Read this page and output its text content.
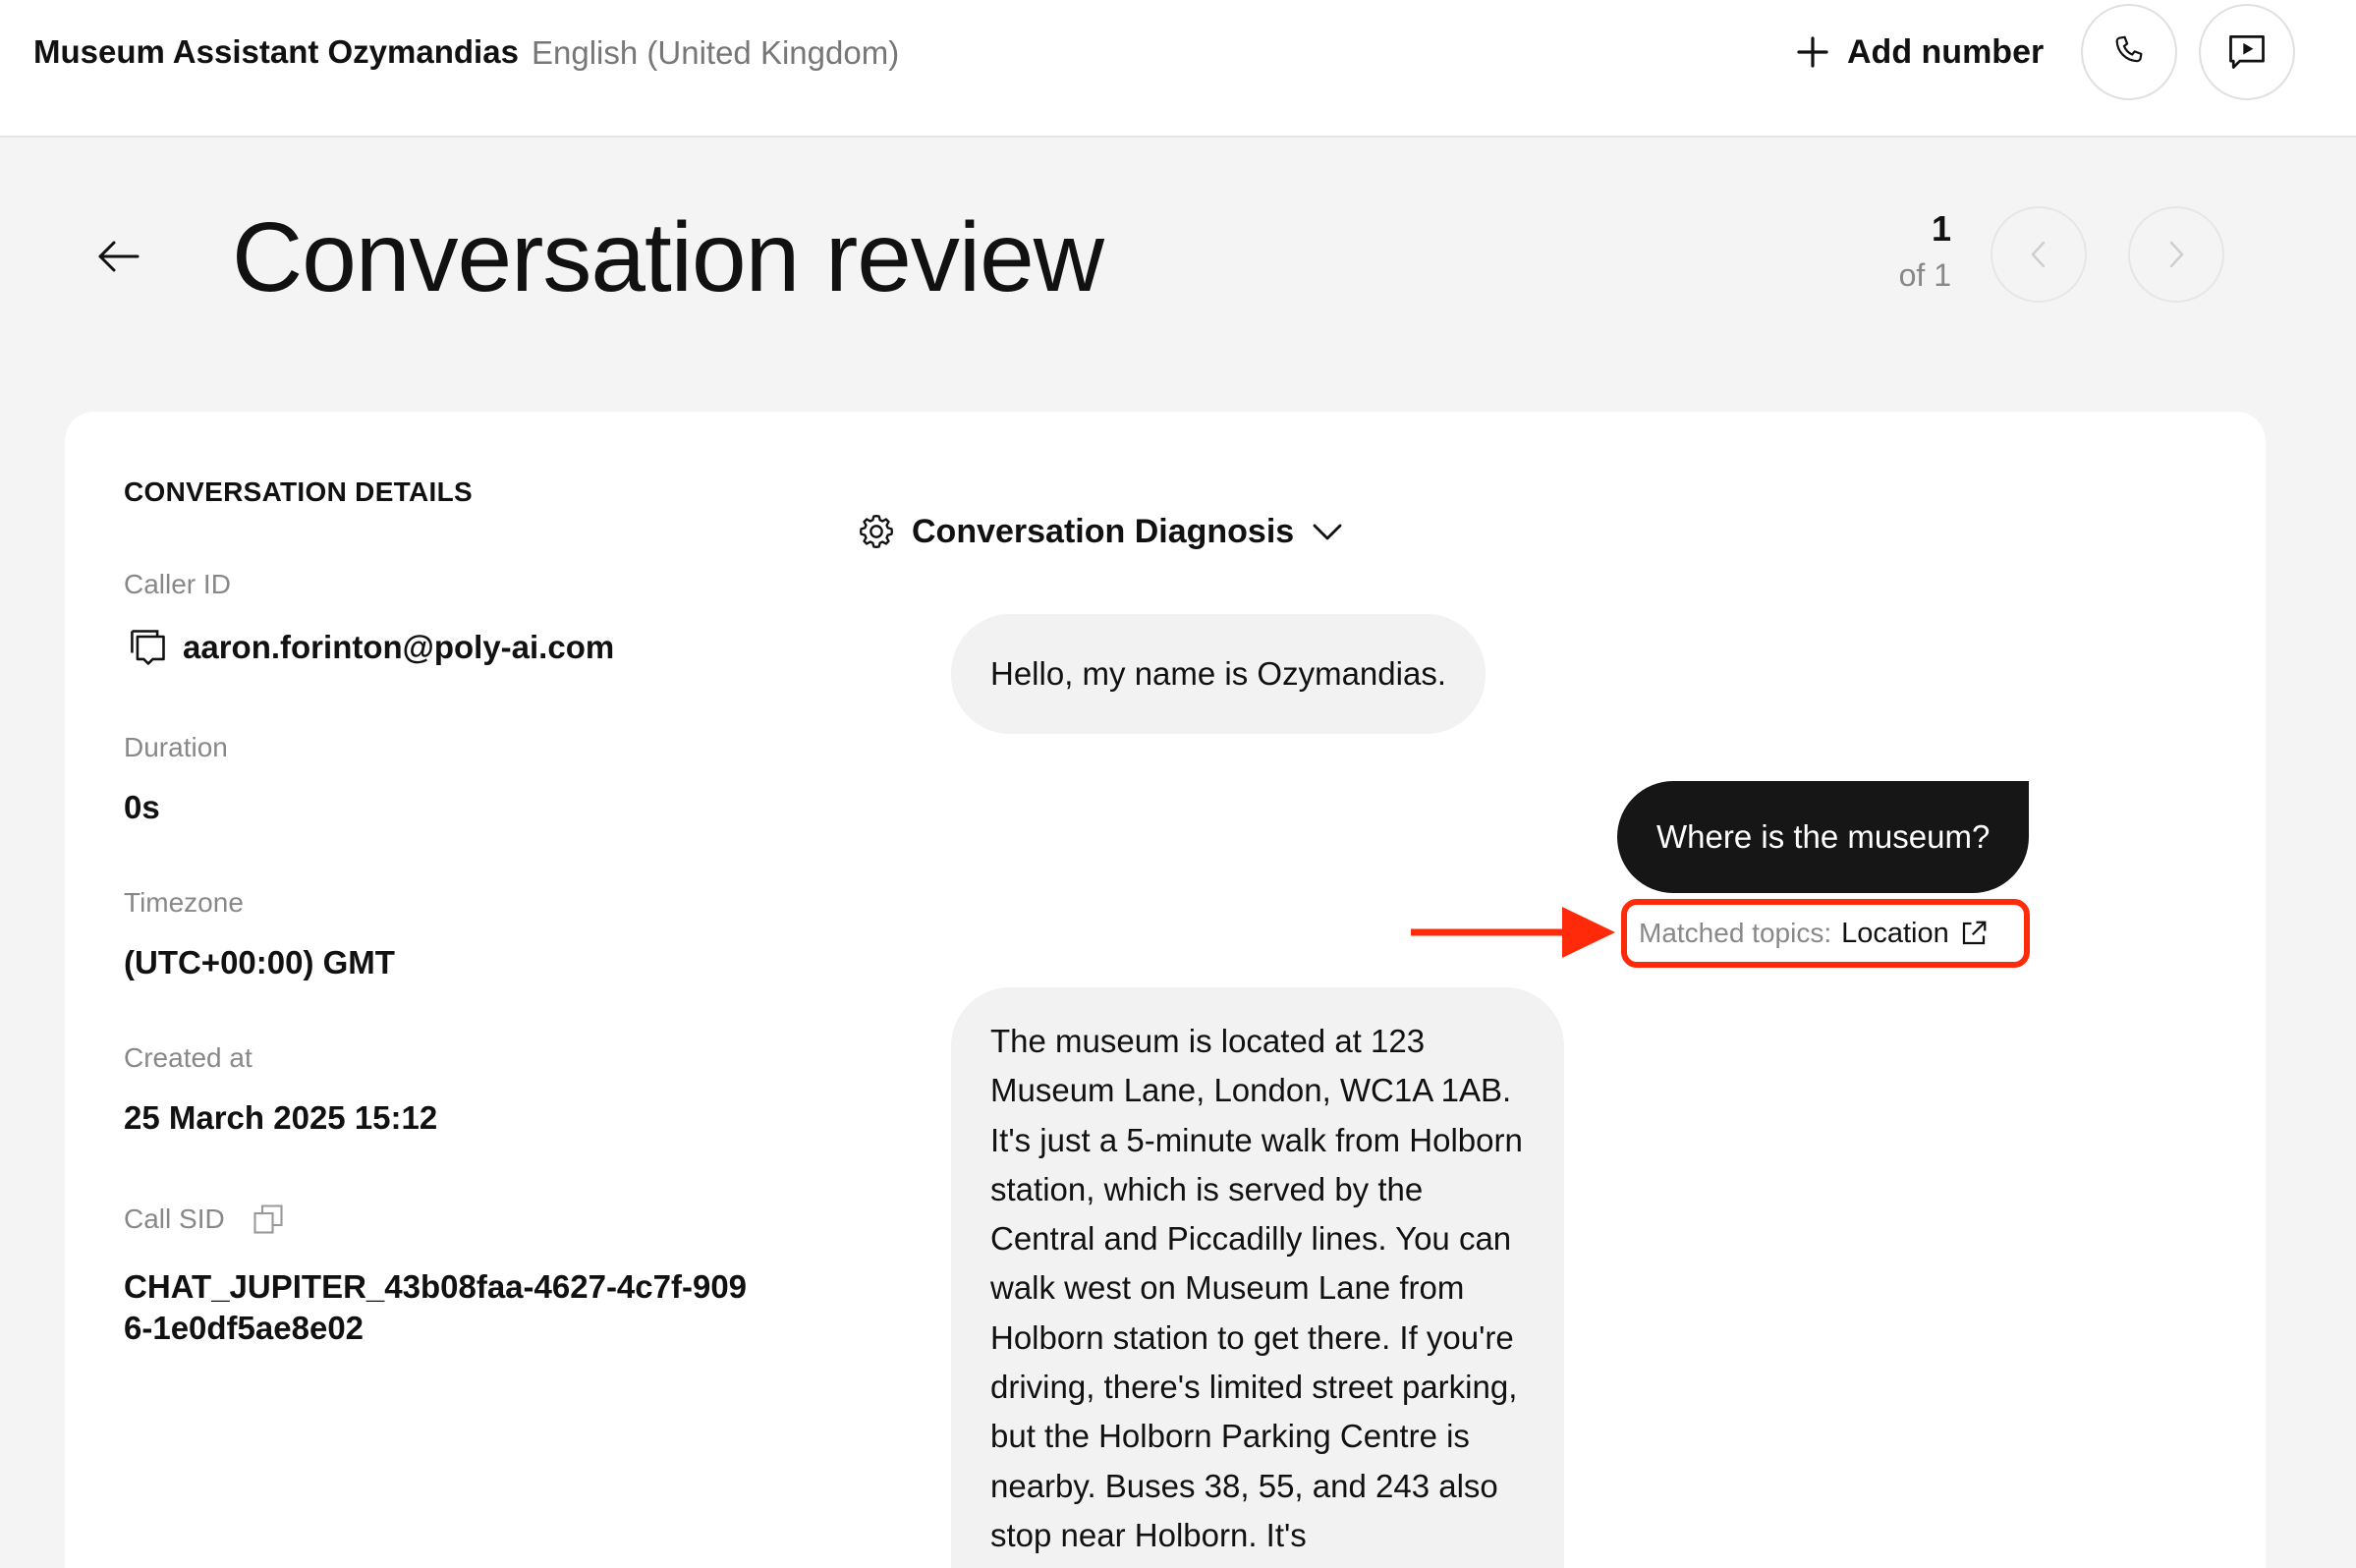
Museum Assistant Ozymandias English (United Kingdom)	Add number
Conversation review	1
of 1
CONVERSATION DETAILS
Caller ID
aaron.forinton@poly-ai.com
Duration
0s
Timezone
(UTC+00:00) GMT
Created at
25 March 2025 15:12
Call SID
CHAT_JUPITER_43b08faa-4627-4c7f-9096-1e0df5ae8e02
Conversation Diagnosis
Hello, my name is Ozymandias.
Where is the museum?
Matched topics: Location
The museum is located at 123 Museum Lane, London, WC1A 1AB. It's just a 5-minute walk from Holborn station, which is served by the Central and Piccadilly lines. You can walk west on Museum Lane from Holborn station to get there. If you're driving, there's limited street parking, but the Holborn Parking Centre is nearby. Buses 38, 55, and 243 also stop near Holborn. It's
